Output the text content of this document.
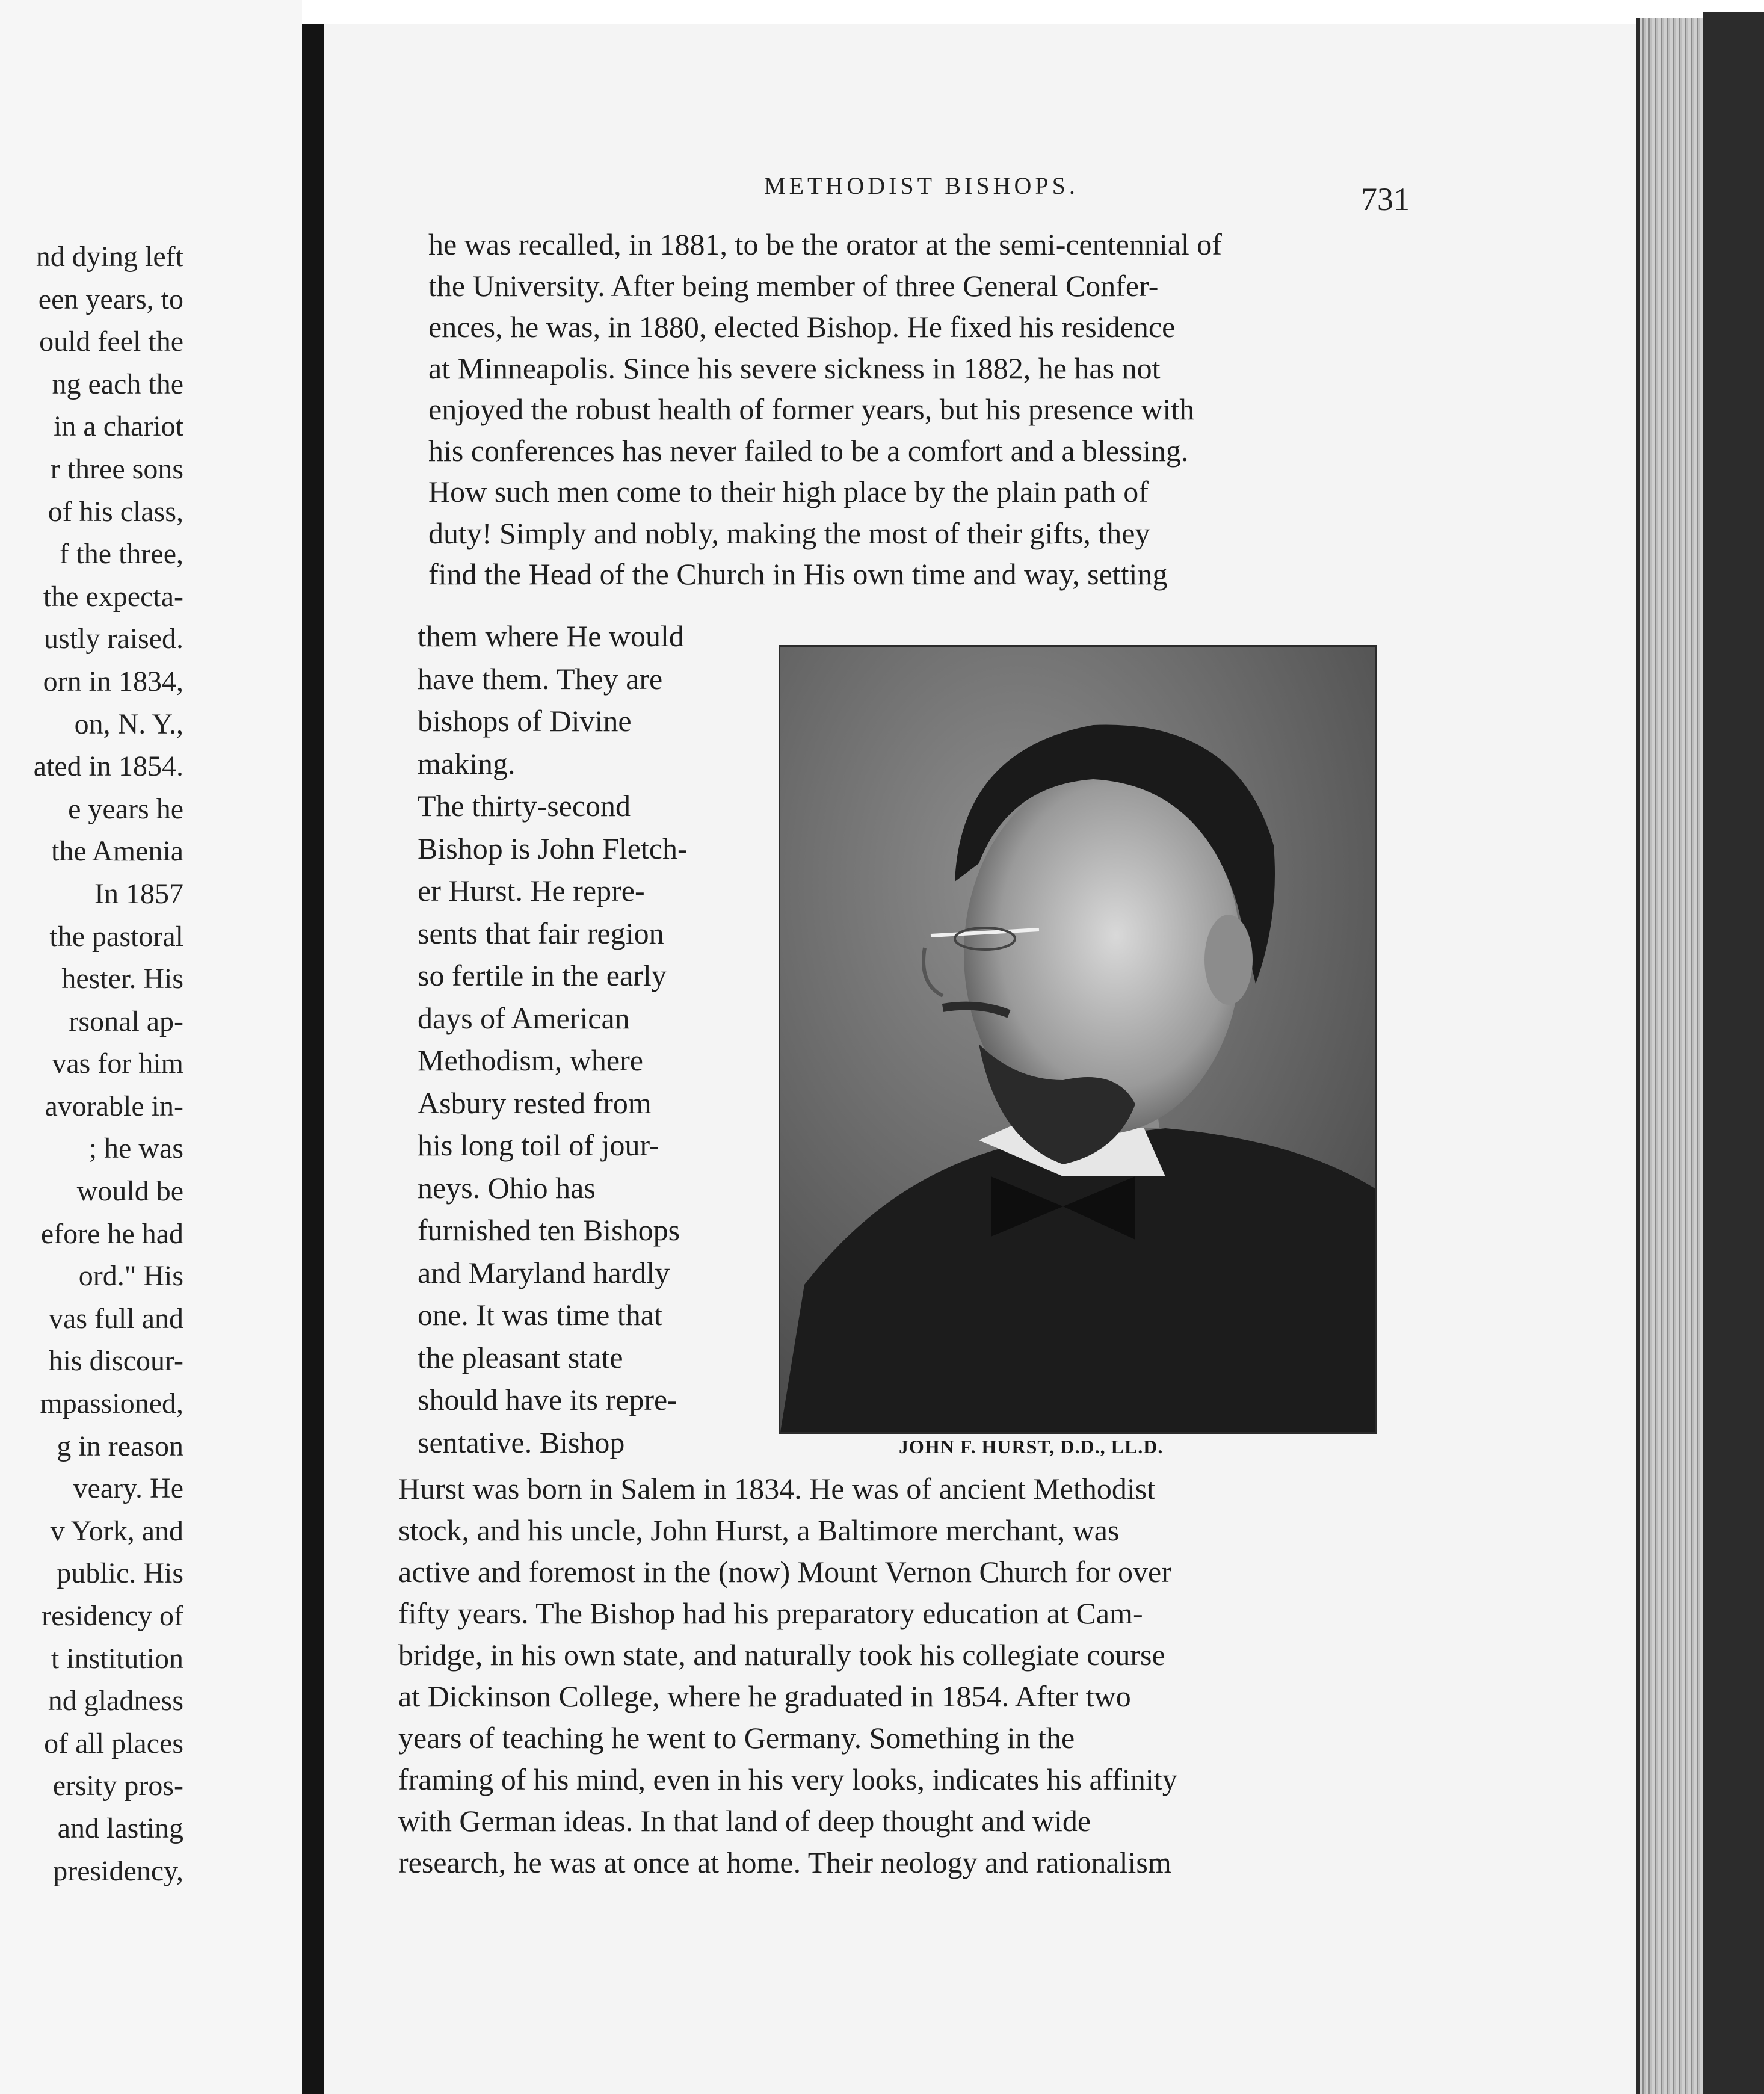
nd dying left
een years, to
ould feel the
ng each the
in a chariot
r three sons
of his class,
f the three,
the expecta-
ustly raised.
orn in 1834,
on, N. Y.,
ated in 1854.
e years he
the Amenia
In 1857
the pastoral
hester. His
rsonal ap-
vas for him
avorable in-
; he was
would be
efore he had
ord." His
vas full and
his discour-
mpassioned,
g in reason
veary. He
v York, and
public. His
residency of
t institution
nd gladness
of all places
ersity pros-
and lasting
presidency,
METHODIST BISHOPS.	731
he was recalled, in 1881, to be the orator at the semi-centennial of
the University. After being member of three General Confer-
ences, he was, in 1880, elected Bishop. He fixed his residence
at Minneapolis. Since his severe sickness in 1882, he has not
enjoyed the robust health of former years, but his presence with
his conferences has never failed to be a comfort and a blessing.
How such men come to their high place by the plain path of
duty! Simply and nobly, making the most of their gifts, they
find the Head of the Church in His own time and way, setting
them where He would
have them. They are
bishops of Divine
making.
The thirty-second
Bishop is John Fletch-
er Hurst. He repre-
sents that fair region
so fertile in the early
days of American
Methodism, where
Asbury rested from
his long toil of jour-
neys. Ohio has
furnished ten Bishops
and Maryland hardly
one. It was time that
the pleasant state
should have its repre-
sentative. Bishop
Hurst was born in Salem in 1834. He was of ancient Methodist
stock, and his uncle, John Hurst, a Baltimore merchant, was
active and foremost in the (now) Mount Vernon Church for over
fifty years. The Bishop had his preparatory education at Cam-
bridge, in his own state, and naturally took his collegiate course
at Dickinson College, where he graduated in 1854. After two
years of teaching he went to Germany. Something in the
framing of his mind, even in his very looks, indicates his affinity
with German ideas. In that land of deep thought and wide
research, he was at once at home. Their neology and rationalism
JOHN F. HURST, D.D., LL.D.
